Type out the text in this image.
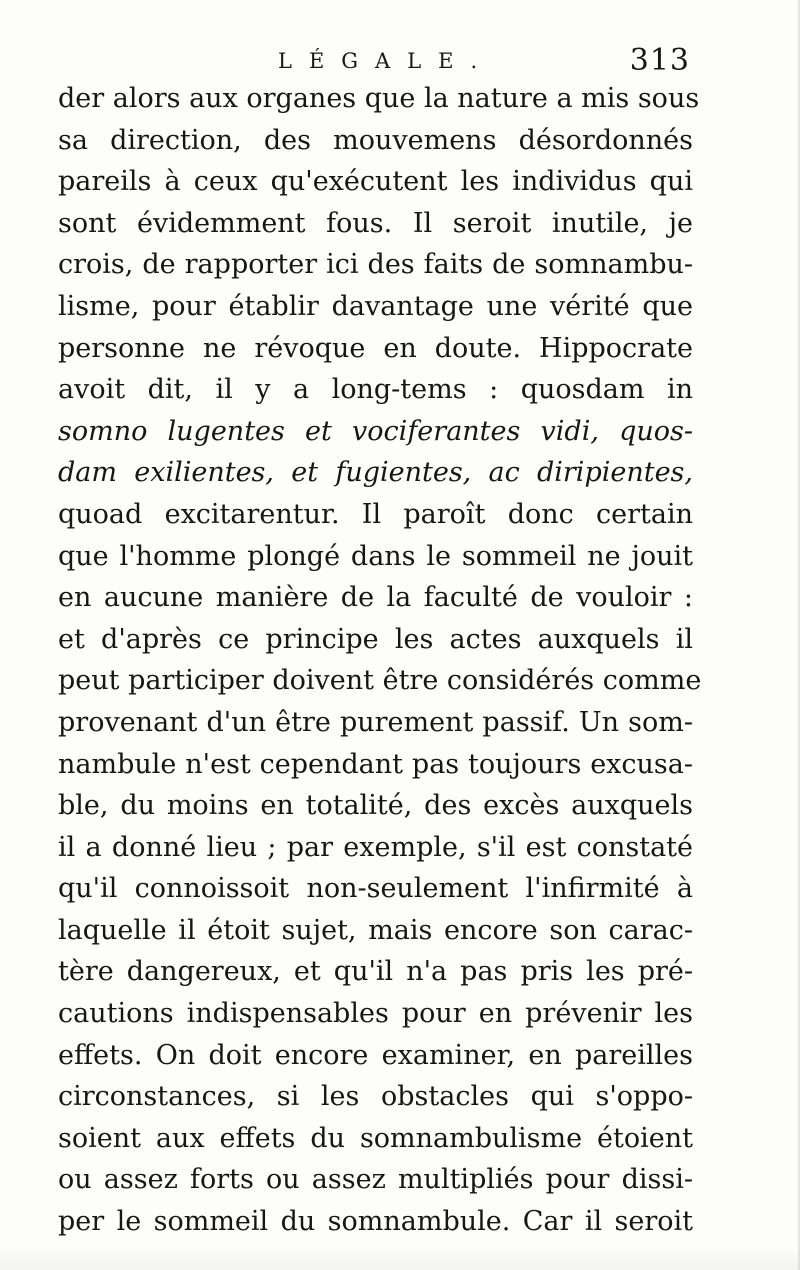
LÉGALE.	313
der alors aux organes que la nature a mis sous
sa direction, des mouvemens désordonnés
pareils à ceux qu'exécutent les individus qui
sont évidemment fous. Il seroit inutile, je
crois, de rapporter ici des faits de somnambu-
lisme, pour établir davantage une vérité que
personne ne révoque en doute. Hippocrate
avoit dit, il y a long-tems : quosdam in
somno lugentes et vociferantes vidi, quos-
dam exilientes, et fugientes, ac diripientes,
quoad excitarentur. Il paroît donc certain
que l'homme plongé dans le sommeil ne jouit
en aucune manière de la faculté de vouloir :
et d'après ce principe les actes auxquels il
peut participer doivent être considérés comme
provenant d'un être purement passif. Un som-
nambule n'est cependant pas toujours excusa-
ble, du moins en totalité, des excès auxquels
il a donné lieu ; par exemple, s'il est constaté
qu'il connoissoit non-seulement l'infirmité à
laquelle il étoit sujet, mais encore son carac-
tère dangereux, et qu'il n'a pas pris les pré-
cautions indispensables pour en prévenir les
effets. On doit encore examiner, en pareilles
circonstances, si les obstacles qui s'oppo-
soient aux effets du somnambulisme étoient
ou assez forts ou assez multipliés pour dissi-
per le sommeil du somnambule. Car il seroit
